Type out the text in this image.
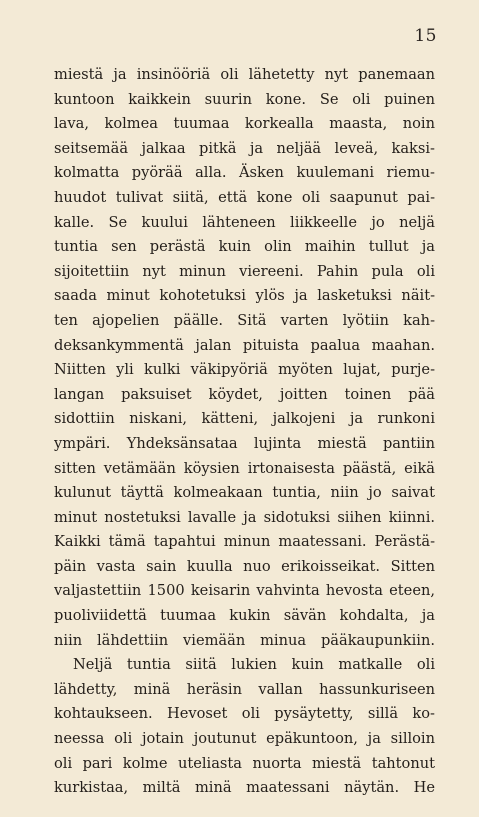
15
miestä ja insinööriä oli lähetetty nyt panemaan
kuntoon kaikkein suurin kone. Se oli puinen
lava, kolmea tuumaa korkealla maasta, noin
seitsemää jalkaa pitkä ja neljää leveä, kaksi-
kolmatta pyörää alla. Äsken kuulemani riemu-
huudot tulivat siitä, että kone oli saapunut pai-
kalle. Se kuului lähteneen liikkeelle jo neljä
tuntia sen perästä kuin olin maihin tullut ja
sijoitettiin nyt minun viereeni. Pahin pula oli
saada minut kohotetuksi ylös ja lasketuksi näit-
ten ajopelien päälle. Sitä varten lyötiin kah-
deksankymmentä jalan pituista paalua maahan.
Niitten yli kulki väkipyöriä myöten lujat, purje-
langan paksuiset köydet, joitten toinen pää
sidottiin niskani, kätteni, jalkojeni ja runkoni
ympäri. Yhdeksänsataa lujinta miestä pantiin
sitten vetämään köysien irtonaisesta päästä, eikä
kulunut täyttä kolmeakaan tuntia, niin jo saivat
minut nostetuksi lavalle ja sidotuksi siihen kiinni.
Kaikki tämä tapahtui minun maatessani. Perästä-
päin vasta sain kuulla nuo erikoisseikat. Sitten
valjastettiin 1500 keisarin vahvinta hevosta eteen,
puoliviidettä tuumaa kukin sävän kohdalta, ja
niin lähdettiin viemään minua pääkaupunkiin.
Neljä tuntia siitä lukien kuin matkalle oli
lähdetty, minä heräsin vallan hassunkuriseen
kohtaukseen. Hevoset oli pysäytetty, sillä ko-
neessa oli jotain joutunut epäkuntoon, ja silloin
oli pari kolme uteliasta nuorta miestä tahtonut
kurkistaa, miltä minä maatessani näytän. He
